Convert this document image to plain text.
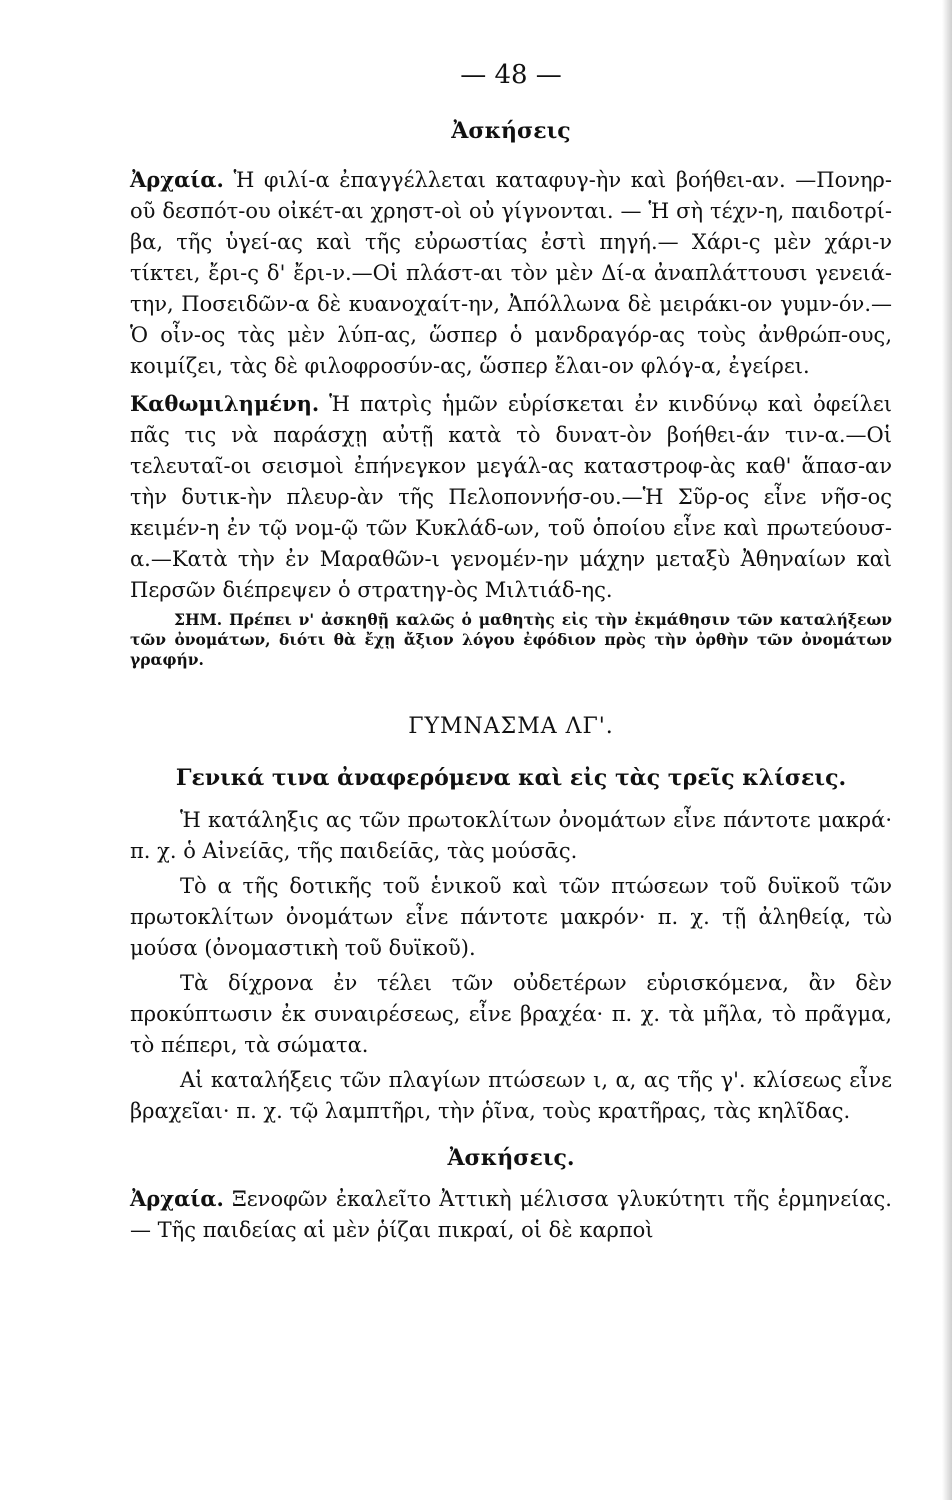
— 48 —
Ἀσκήσεις

Ἀρχαία. Ἡ φιλί-α ἐπαγγέλλεται καταφυγ-ὴν καὶ βοήθει-αν. —Πονηρ-οῦ δεσπότ-ου οἰκέτ-αι χρηστ-οὶ οὐ γίγνονται. — Ἡ σὴ τέχν-η, παιδοτρί-βα, τῆς ὑγεί-ας καὶ τῆς εὐρωστίας ἐστὶ πηγή.— Χάρι-ς μὲν χάρι-ν τίκτει, ἔρι-ς δ' ἔρι-ν.—Οἱ πλάστ-αι τὸν μὲν Δί-α ἀναπλάττουσι γενειά-την, Ποσειδῶν-α δὲ κυανοχαίτ-ην, Ἀπόλλωνα δὲ μειράκι-ον γυμν-όν.—Ὁ οἶν-ος τὰς μὲν λύπ-ας, ὥσπερ ὁ μανδραγόρ-ας τοὺς ἀνθρώπ-ους, κοιμίζει, τὰς δὲ φιλοφροσύν-ας, ὥσπερ ἔλαι-ον φλόγ-α, ἐγείρει.

Καθωμιλημένη. Ἡ πατρὶς ἡμῶν εὑρίσκεται ἐν κινδύνῳ καὶ ὀφείλει πᾶς τις νὰ παράσχῃ αὐτῇ κατὰ τὸ δυνατ-ὸν βοήθει-άν τιν-α.—Οἱ τελευταῖ-οι σεισμοὶ ἐπήνεγκον μεγάλ-ας καταστροφ-ὰς καθ' ἅπασ-αν τὴν δυτικ-ὴν πλευρ-ὰν τῆς Πελοποννήσ-ου.—Ἡ Σῦρ-ος εἶνε νῆσ-ος κειμέν-η ἐν τῷ νομ-ῷ τῶν Κυκλάδ-ων, τοῦ ὁποίου εἶνε καὶ πρωτεύουσ-α.—Κατὰ τὴν ἐν Μαραθῶν-ι γενομέν-ην μάχην μεταξὺ Ἀθηναίων καὶ Περσῶν διέπρεψεν ὁ στρατηγ-ὸς Μιλτιάδ-ης.

ΣΗΜ. Πρέπει ν' ἀσκηθῇ καλῶς ὁ μαθητὴς εἰς τὴν ἐκμάθησιν τῶν καταλήξεων τῶν ὀνομάτων, διότι θὰ ἔχῃ ἄξιον λόγου ἐφόδιον πρὸς τὴν ὀρθὴν τῶν ὀνομάτων γραφήν.

ΓΥΜΝΑΣΜΑ ΛΓ'.
Γενικά τινα ἀναφερόμενα καὶ εἰς τὰς τρεῖς κλίσεις.

Ἡ κατάληξις ας τῶν πρωτοκλίτων ὀνομάτων εἶνε πάντοτε μακρά· π. χ. ὁ Αἰνείᾱς, τῆς παιδείᾱς, τὰς μούσᾱς.

Τὸ α τῆς δοτικῆς τοῦ ἑνικοῦ καὶ τῶν πτώσεων τοῦ δυϊκοῦ τῶν πρωτοκλίτων ὀνομάτων εἶνε πάντοτε μακρόν· π. χ. τῇ ἀληθείᾳ, τὼ μούσα (ὀνομαστικὴ τοῦ δυϊκοῦ).

Τὰ δίχρονα ἐν τέλει τῶν οὐδετέρων εὑρισκόμενα, ἂν δὲν προκύπτωσιν ἐκ συναιρέσεως, εἶνε βραχέα· π. χ. τὰ μῆλα, τὸ πρᾶγμα, τὸ πέπερι, τὰ σώματα.

Αἱ καταλήξεις τῶν πλαγίων πτώσεων ι, α, ας τῆς γ'. κλίσεως εἶνε βραχεῖαι· π. χ. τῷ λαμπτῆρι, τὴν ῥῖνα, τοὺς κρατῆρας, τὰς κηλῖδας.

Ἀσκήσεις.

Ἀρχαία. Ξενοφῶν ἐκαλεῖτο Ἀττικὴ μέλισσα γλυκύτητι τῆς ἑρμηνείας. — Τῆς παιδείας αἱ μὲν ῥίζαι πικραί, οἱ δὲ καρποὶ
